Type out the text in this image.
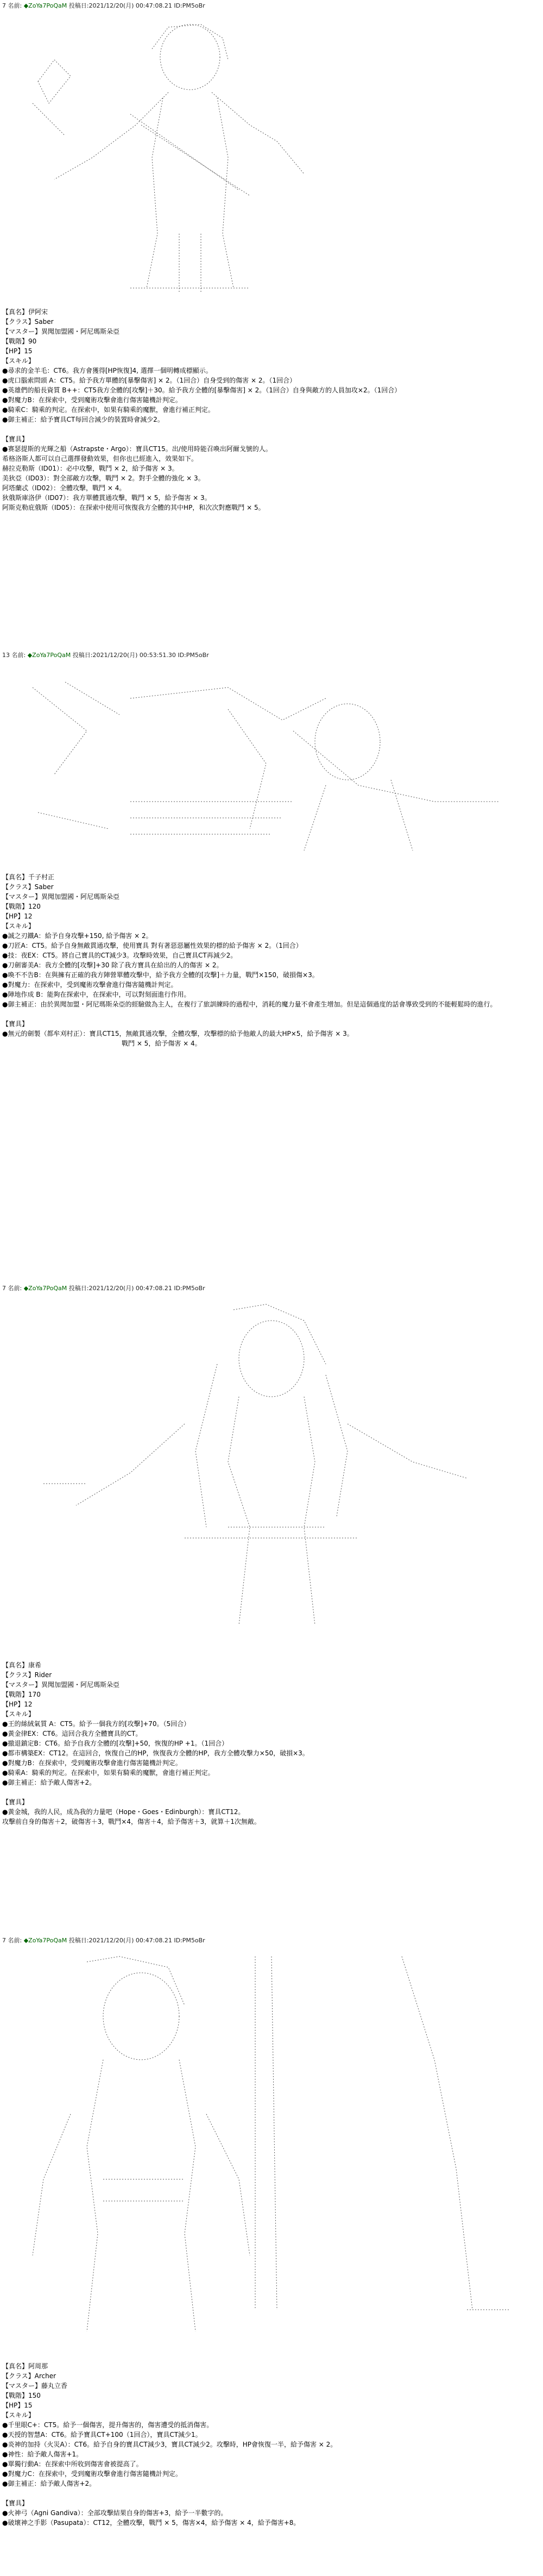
7 名前: ◆ZoYa7PoQaM 投稿日:2021/12/20(月) 00:47:08.21 ID:PM5oBr
【真名】伊阿宋
【クラス】Saber
【マスター】異聞加盟國・阿尼瑪斯朵亞
【戰階】90
【HP】15
【スキル】
●尋求的金羊毛：CT6。我方會獲得[HP恢復]4, 選擇一個明轉成標顯示。
●虎口腦索問頭 A：CT5。給予我方單體的[暴擊傷害] × 2。（1回合）自身受到的傷害 × 2。（1回合）
●英雄們的船長資質 B++：CT5我方全體的[攻擊]＋30。給予我方全體的[暴擊傷害] × 2。（1回合）自身與敵方的人員加攻×2。（1回合）
●對魔力B：在探索中，受到魔術攻擊會進行傷害隨機計判定。
●騎乘C：騎乘的判定。在探索中，如果有騎乘的魔獸，會進行補正判定。
●御主補正：給予寶具CT每回合減少的裝置時會減少2。
【寶具】
●赛瑟提斯的光輝之船（Astrapste・Argo）：寶具CT15。出/使用時能召喚出阿爾戈號的人。
希格洛斯人都可以自己選擇發動效果，但你也已經進入，效果如下。
赫拉克勒斯（ID01）：必中攻擊，戰鬥 × 2，給予傷害 × 3。
美狄亞（ID03）：對全部敵方攻擊，戰鬥 × 2。對手全體的強化 × 3。
阿塔蘭忒（ID02）：全體攻擊，戰鬥 × 4。
狄俄斯庫洛伊（ID07）：我方單體貫通攻擊，戰鬥 × 5，給予傷害 × 3。
阿斯克勒庇俄斯（ID05）：在探索中使用可恢復我方全體的其中HP，和次次對應戰鬥 × 5。
13 名前: ◆ZoYa7PoQaM 投稿日:2021/12/20(月) 00:53:51.30 ID:PM5oBr
【真名】千子村正
【クラス】Saber
【マスター】異聞加盟國・阿尼瑪斯朵亞
【戰階】120
【HP】12
【スキル】
●誠之刃鐵A：給予自身攻擊+150, 給予傷害 × 2。
●刀匠A：CT5。給予自身無敵貫通攻擊，使用寶具 對有著惡惡屬性效果的標的給予傷害 × 2。（1回合）
●技：夜EX：CT5。將自己寶具的CT減少3。攻擊時效果，自己寶具CT再減少2。
●刀劍審美A：我方全體的[攻擊]+30 除了我方寶具在給出的人的傷害 × 2。
●喚不不告B：在與擁有正確的我方陣營單體攻擊中，給予我方全體的[攻擊]＋力量，戰鬥×150，破損傷×3。
●對魔力：在探索中，受到魔術攻擊會進行傷害隨機計判定。
●陣地作成 B：能夠在探索中，在探索中，可以對刻面進行作用。
●御主補正：由於異聞加盟・阿尼瑪斯朵亞的經驗做為主人，在複行了旅訓練時的過程中，消耗的魔力量不會產生增加。但是這個過度的話會導致受到的不能輕鬆時的進行。
【寶具】
●無元的劍製（都牟刈村正）：寶具CT15，無敵貫通攻擊，全體攻擊，攻擊標的給予他敵人的最大HP×5，給予傷害 × 3。
戰鬥 × 5，給予傷害 × 4。
7 名前: ◆ZoYa7PoQaM 投稿日:2021/12/20(月) 00:47:08.21 ID:PM5oBr
【真名】康希
【クラス】Rider
【マスター】異聞加盟國・阿尼瑪斯朵亞
【戰階】170
【HP】12
【スキル】
●王的絲絨氣質 A：CT5。給予一個我方的[攻擊]+70。（5回合）
●黃金律EX：CT6。這回合我方全體寶具的CT。
●撤退鎮定B：CT6。給予自我方全體的[攻擊]+50，恢復的HP +1。（1回合）
●都市構築EX：CT12。在這回合，恢復自己的HP，恢復我方全體的HP，我方全體攻擊力×50，破損×3。
●對魔力B：在探索中，受到魔術攻擊會進行傷害隨機計判定。
●騎乘A：騎乘的判定。在探索中，如果有騎乘的魔獸，會進行補正判定。
●御主補正：給予敵人傷害+2。
【寶具】
●黃金城，我的人民，成為我的力量吧（Hope・Goes・Edinburgh）：寶具CT12。
攻擊前自身的傷害＋2，破傷害＋3，戰鬥×4，傷害＋4，給予傷害＋3，就算＋1次無敵。
7 名前: ◆ZoYa7PoQaM 投稿日:2021/12/20(月) 00:47:08.21 ID:PM5oBr
【真名】阿周那
【クラス】Archer
【マスター】藤丸立香
【戰階】150
【HP】15
【スキル】
●千里眼C+：CT5。給予一個傷害，提升傷害的，傷害遭受的抵消傷害。
●天授的智慧A：CT6。給予寶具CT+100（1回合），寶具CT減少1。
●炎神的加持（火災A）：CT6。給予自身的寶具CT減少3，寶具CT減少2。攻擊時，HP會恢復一半，給予傷害 × 2。
●神性：給予敵人傷害+1。
●單獨行動A：在探索中所收到傷害會被提高了。
●對魔力C：在探索中，受到魔術攻擊會進行傷害隨機計判定。
●御主補正：給予敵人傷害+2。
【寶具】
●火神弓（Agni Gandiva）：全部攻擊結果自身的傷害+3，給予一半數字的。
●破壞神之手影（Pasupata）：CT12，全體攻擊，戰鬥 × 5，傷害×4，給予傷害 × 4，給予傷害+8。
